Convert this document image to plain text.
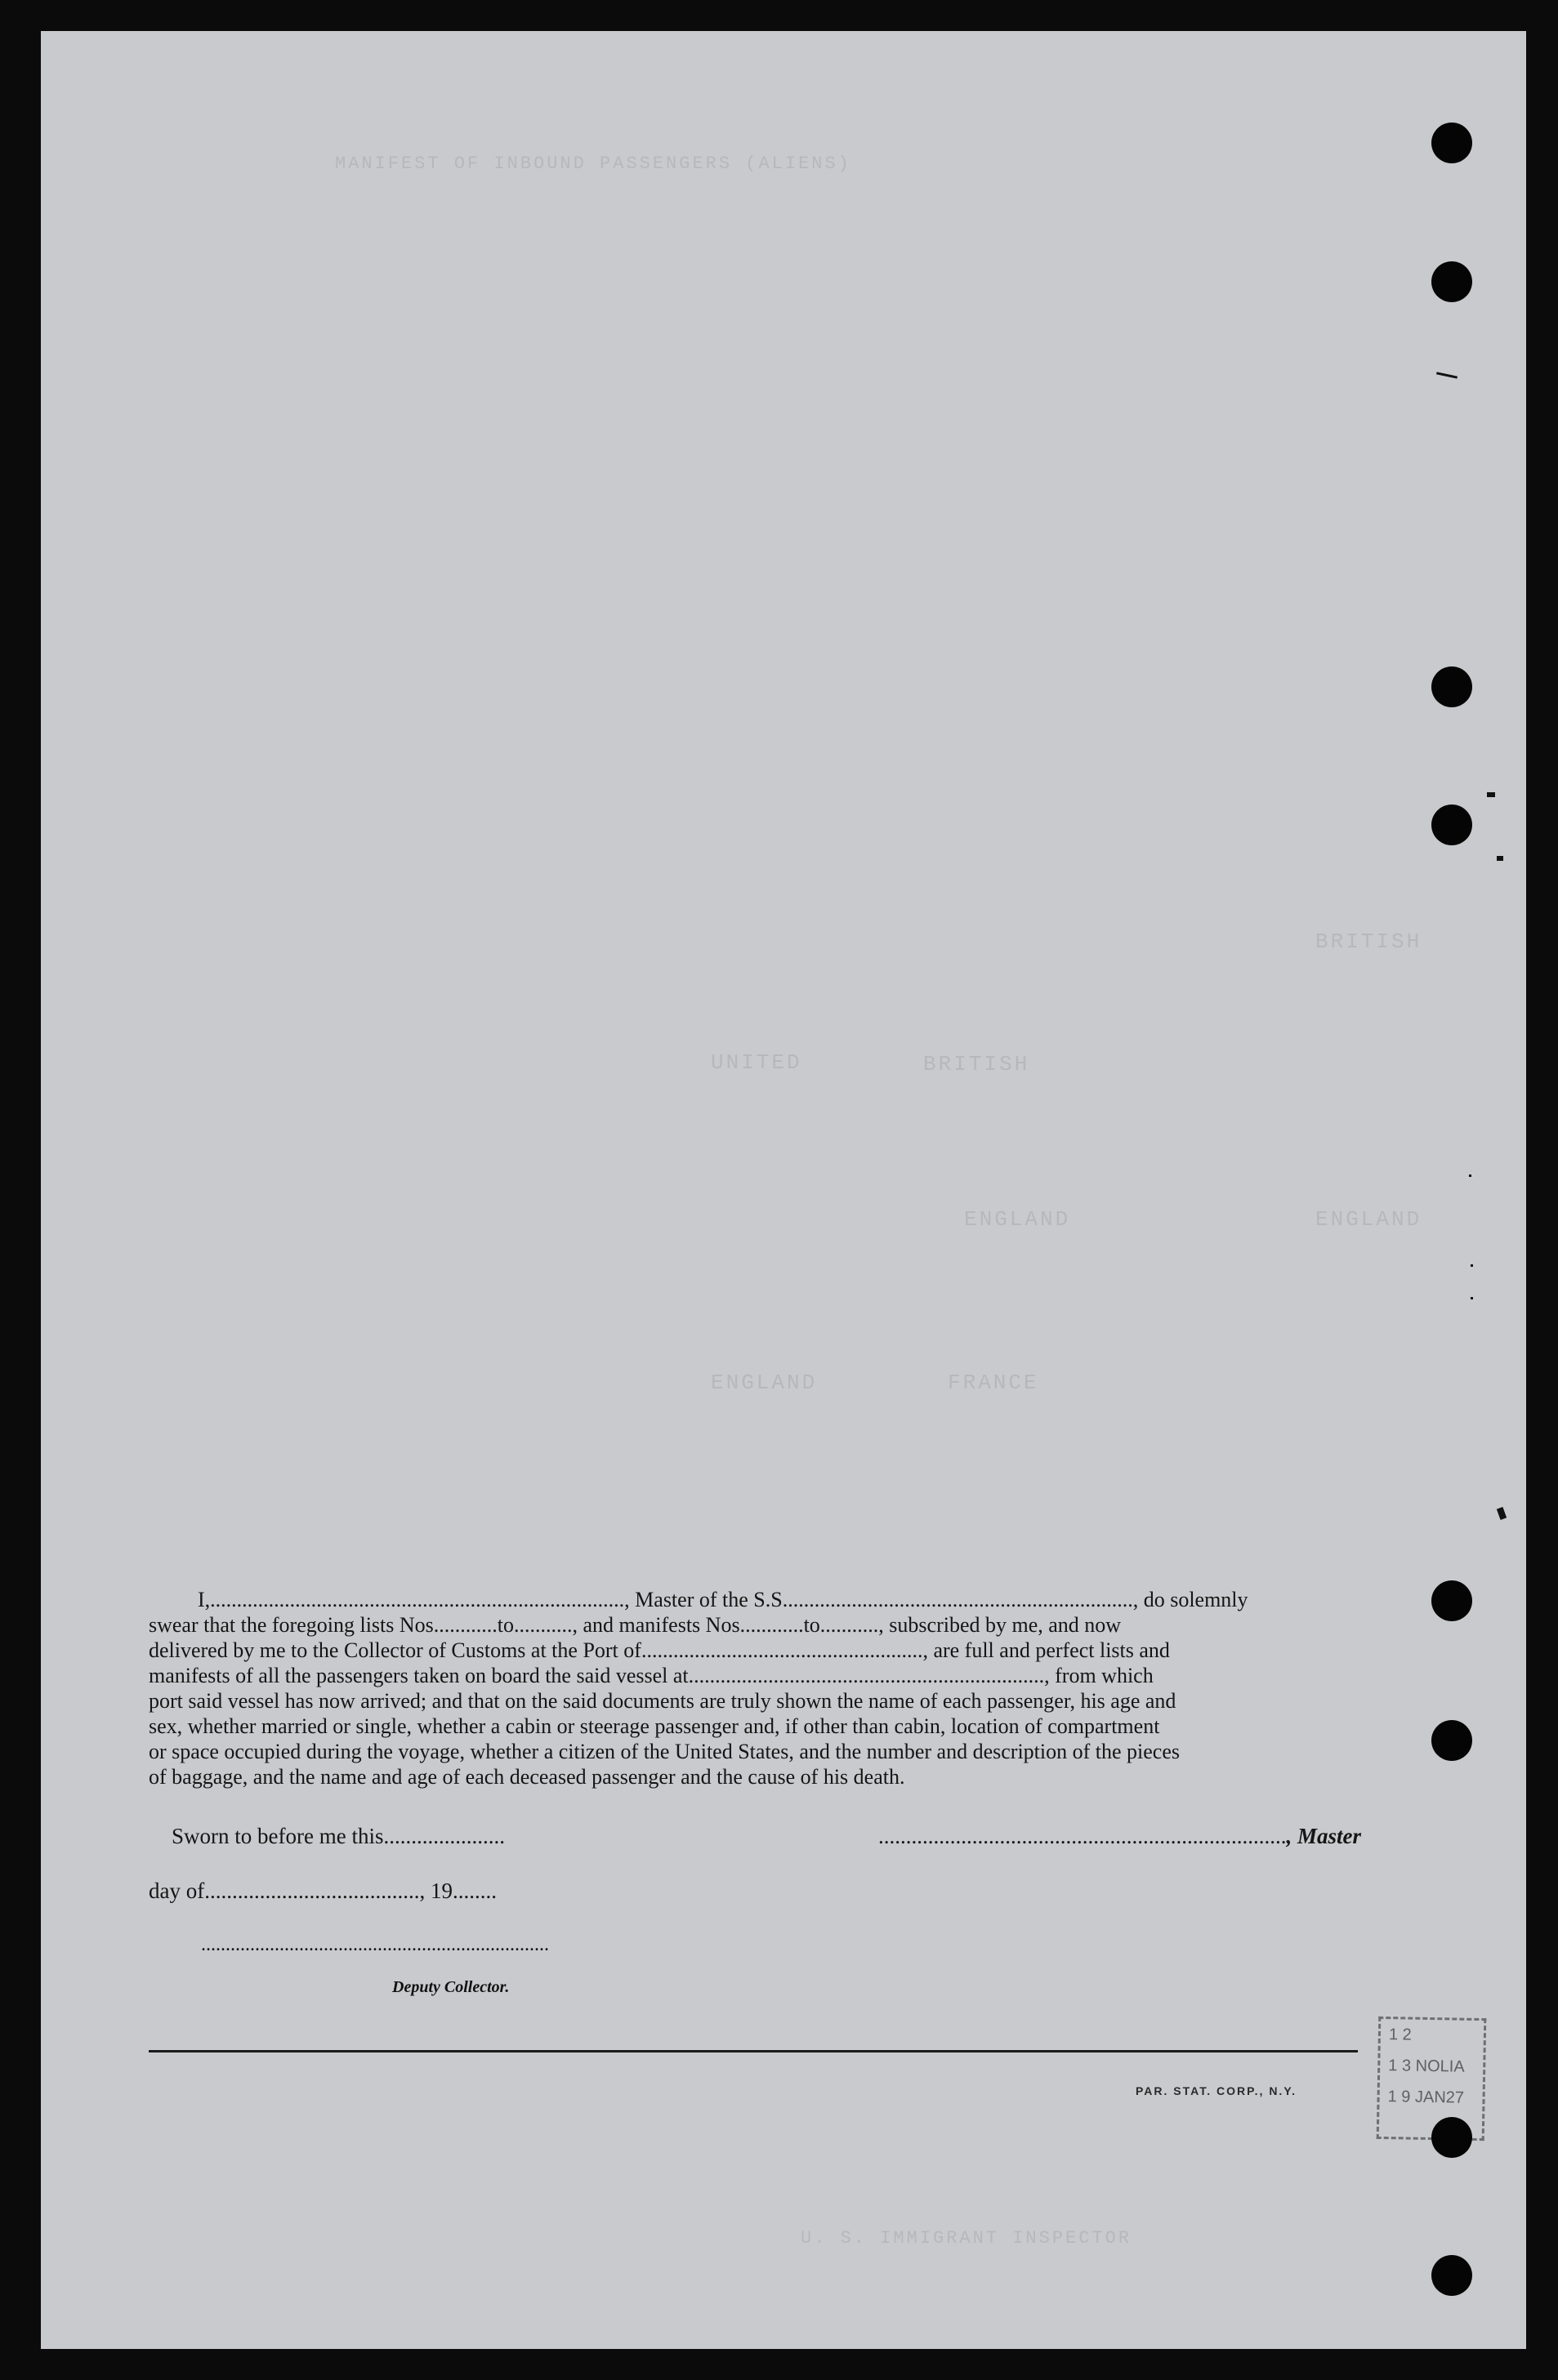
MANIFEST OF INBOUND PASSENGERS (ALIENS)
UNITED	BRITISH
ENGLAND
ENGLAND	FRANCE
BRITISH
ENGLAND
U. S. IMMIGRANT INSPECTOR

I,.............................................................................., Master of the S.S.................................................................., do solemnly

swear that the foregoing lists Nos............to..........., and manifests Nos............to..........., subscribed by me, and now

delivered by me to the Collector of Customs at the Port of....................................................., are full and perfect lists and

manifests of all the passengers taken on board the said vessel at..................................................................., from which

port said vessel has now arrived; and that on the said documents are truly shown the name of each passenger, his age and

sex, whether married or single, whether a cabin or steerage passenger and, if other than cabin, location of compartment

or space occupied during the voyage, whether a citizen of the United States, and the number and description of the pieces

of baggage, and the name and age of each deceased passenger and the cause of his death.

Sworn to before me this......................	.........................................................................., Master
day of......................................., 19........
.......................................................................
Deputy Collector.
PAR. STAT. CORP., N.Y.
1 2
1 3 NOLIA
1 9 JAN27
